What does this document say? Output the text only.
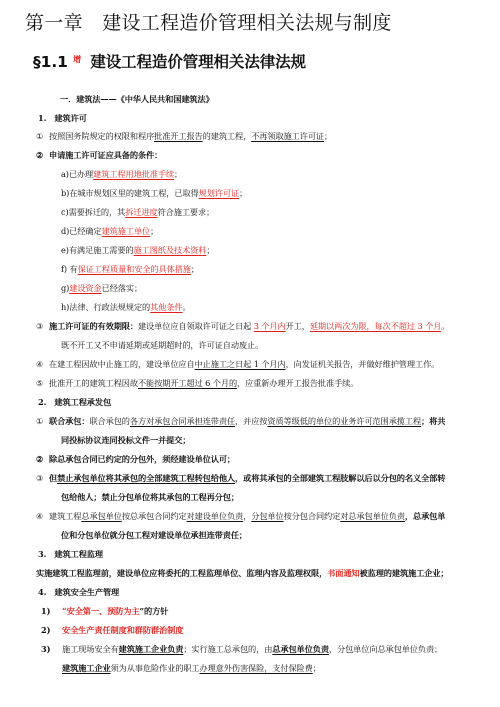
第一章　建设工程造价管理相关法规与制度
§1.1 $^增$ 建设工程造价管理相关法律法规
一．建筑法——《中华人民共和国建筑法》
1.　建筑许可
① 按照国务院规定的权限和程序批准开工报告的建筑工程，不再领取施工许可证；
② 申请施工许可证应具备的条件：
a)已办理建筑工程用地批准手续；
b)在城市规划区里的建筑工程，已取得规划许可证；
c)需要拆迁的，其拆迁进度符合施工要求；
d)已经确定建筑施工单位；
e)有满足施工需要的施工图纸及技术资料；
f) 有保证工程质量和安全的具体措施；
g)建设资金已经落实；
h)法律、行政法规规定的其他条件。
③ 施工许可证的有效期限：建设单位应自领取许可证之日起 3 个月内开工，延期以两次为限，每次不超过 3 个月。
既不开工又不申请延期或延期超时的，许可证自动废止。
④ 在建工程因故中止施工的，建设单位应自中止施工之日起 1 个月内，向发证机关报告，并做好维护管理工作。
⑤ 批准开工的建筑工程因故不能按期开工超过 6 个月的，应重新办理开工报告批准手续。
2.　建筑工程承发包
① 联合承包：联合承包的各方对承包合同承担连带责任，并应按资质等级低的单位的业务许可范围承揽工程；将共
同投标协议连同投标文件一并提交；
② 除总承包合同已约定的分包外，须经建设单位认可；
③ 但禁止承包单位将其承包的全部建筑工程转包给他人，或将其承包的全部建筑工程肢解以后以分包的名义全部转
包给他人；禁止分包单位将其承包的工程再分包；
④ 建筑工程总承包单位按总承包合同约定对建设单位负责，分包单位按分包合同约定对总承包单位负责，总承包单
位和分包单位就分包工程对建设单位承担连带责任；
3.　建筑工程监理
实施建筑工程监理前，建设单位应将委托的工程监理单位、监理内容及监理权限，书面通知被监理的建筑施工企业；
4.　建筑安全生产管理
1) “安全第一、预防为主”的方针
2) 安全生产责任制度和群防群治制度
3) 施工现场安全有建筑施工企业负责；实行施工总承包的，由总承包单位负责，分包单位向总承包单位负责；
建筑施工企业须为从事危险作业的职工办理意外伤害保险，支付保险费；
